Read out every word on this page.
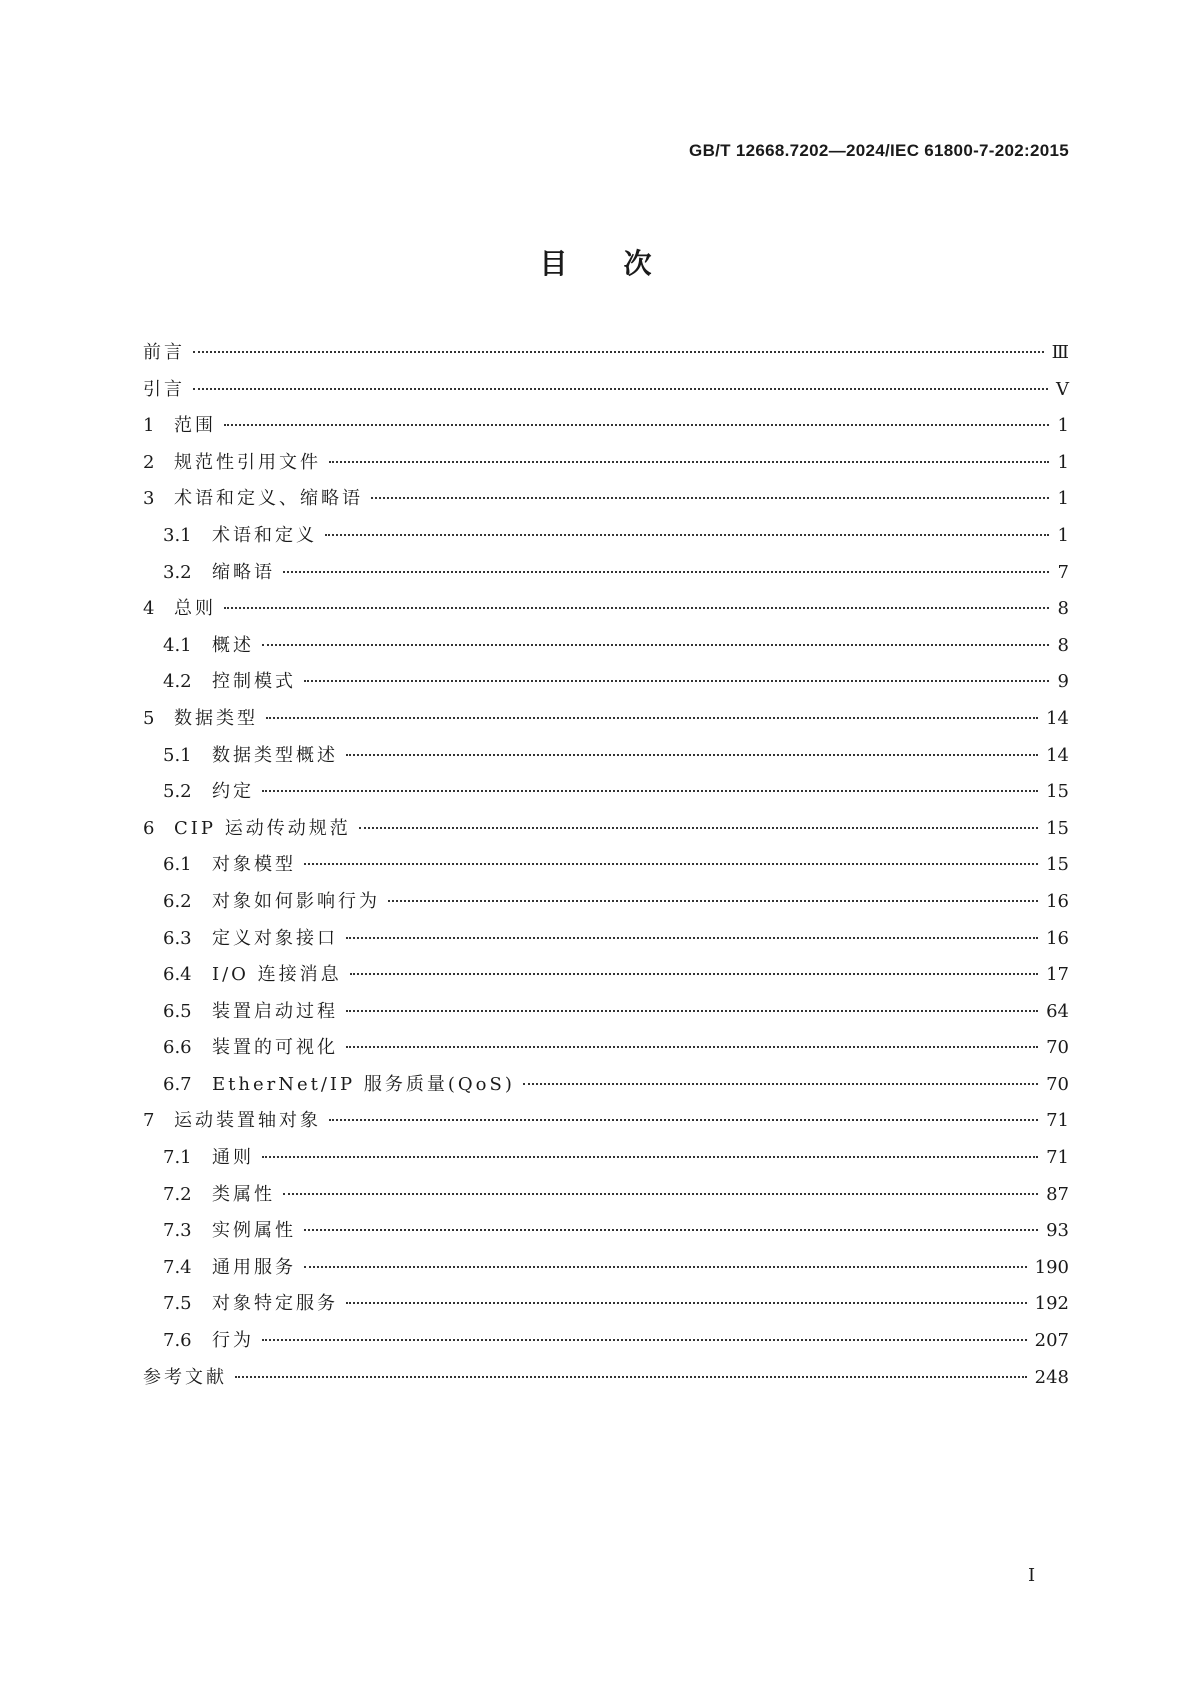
GB/T 12668.7202—2024/IEC 61800-7-202:2015
目次
前言	Ⅲ
引言	Ⅴ
1	范围	1
2	规范性引用文件	1
3	术语和定义、缩略语	1
3.1	术语和定义	1
3.2	缩略语	7
4	总则	8
4.1	概述	8
4.2	控制模式	9
5	数据类型	14
5.1	数据类型概述	14
5.2	约定	15
6	CIP 运动传动规范	15
6.1	对象模型	15
6.2	对象如何影响行为	16
6.3	定义对象接口	16
6.4	I/O 连接消息	17
6.5	装置启动过程	64
6.6	装置的可视化	70
6.7	EtherNet/IP 服务质量(QoS)	70
7	运动装置轴对象	71
7.1	通则	71
7.2	类属性	87
7.3	实例属性	93
7.4	通用服务	190
7.5	对象特定服务	192
7.6	行为	207
参考文献	248
Ⅰ
